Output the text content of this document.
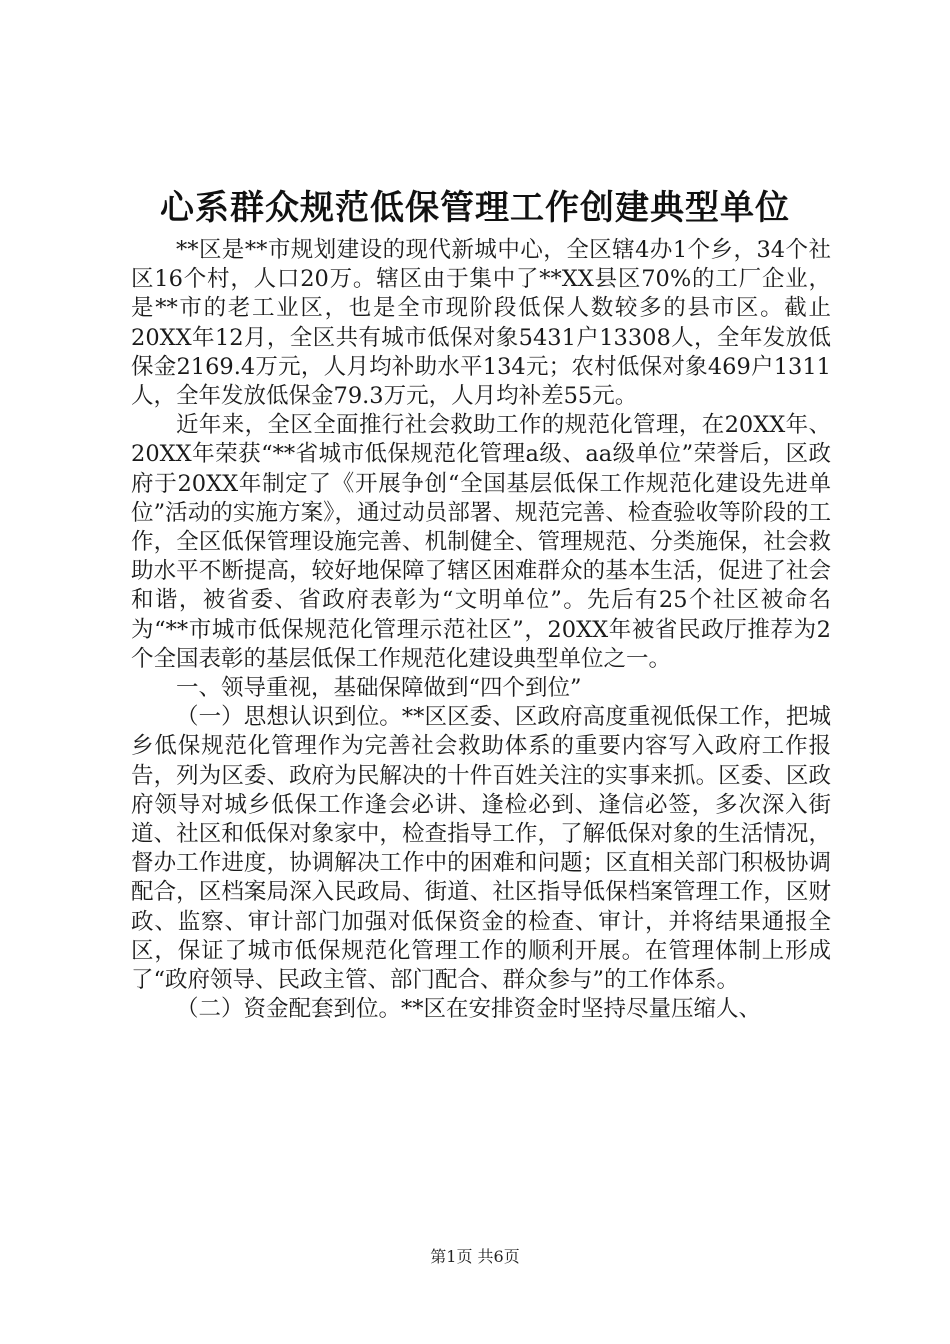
心系群众规范低保管理工作创建典型单位

**区是**市规划建设的现代新城中心，全区辖4办1个乡，34个社区16个村，人口20万。辖区由于集中了**XX县区70%的工厂企业，是**市的老工业区，也是全市现阶段低保人数较多的县市区。截止20XX年12月，全区共有城市低保对象5431户13308人，全年发放低保金2169.4万元，人月均补助水平134元；农村低保对象469户1311人，全年发放低保金79.3万元，人月均补差55元。

近年来，全区全面推行社会救助工作的规范化管理，在20XX年、20XX年荣获“**省城市低保规范化管理a级、aa级单位”荣誉后，区政府于20XX年制定了《开展争创“全国基层低保工作规范化建设先进单位”活动的实施方案》，通过动员部署、规范完善、检查验收等阶段的工作，全区低保管理设施完善、机制健全、管理规范、分类施保，社会救助水平不断提高，较好地保障了辖区困难群众的基本生活，促进了社会和谐，被省委、省政府表彰为“文明单位”。先后有25个社区被命名为“**市城市低保规范化管理示范社区”，20XX年被省民政厅推荐为2个全国表彰的基层低保工作规范化建设典型单位之一。

一、领导重视，基础保障做到“四个到位”

（一）思想认识到位。**区区委、区政府高度重视低保工作，把城乡低保规范化管理作为完善社会救助体系的重要内容写入政府工作报告，列为区委、政府为民解决的十件百姓关注的实事来抓。区委、区政府领导对城乡低保工作逢会必讲、逢检必到、逢信必签，多次深入街道、社区和低保对象家中，检查指导工作，了解低保对象的生活情况，督办工作进度，协调解决工作中的困难和问题；区直相关部门积极协调配合，区档案局深入民政局、街道、社区指导低保档案管理工作，区财政、监察、审计部门加强对低保资金的检查、审计，并将结果通报全区，保证了城市低保规范化管理工作的顺利开展。在管理体制上形成了“政府领导、民政主管、部门配合、群众参与”的工作体系。

（二）资金配套到位。**区在安排资金时坚持尽量压缩人、

第1页 共6页
